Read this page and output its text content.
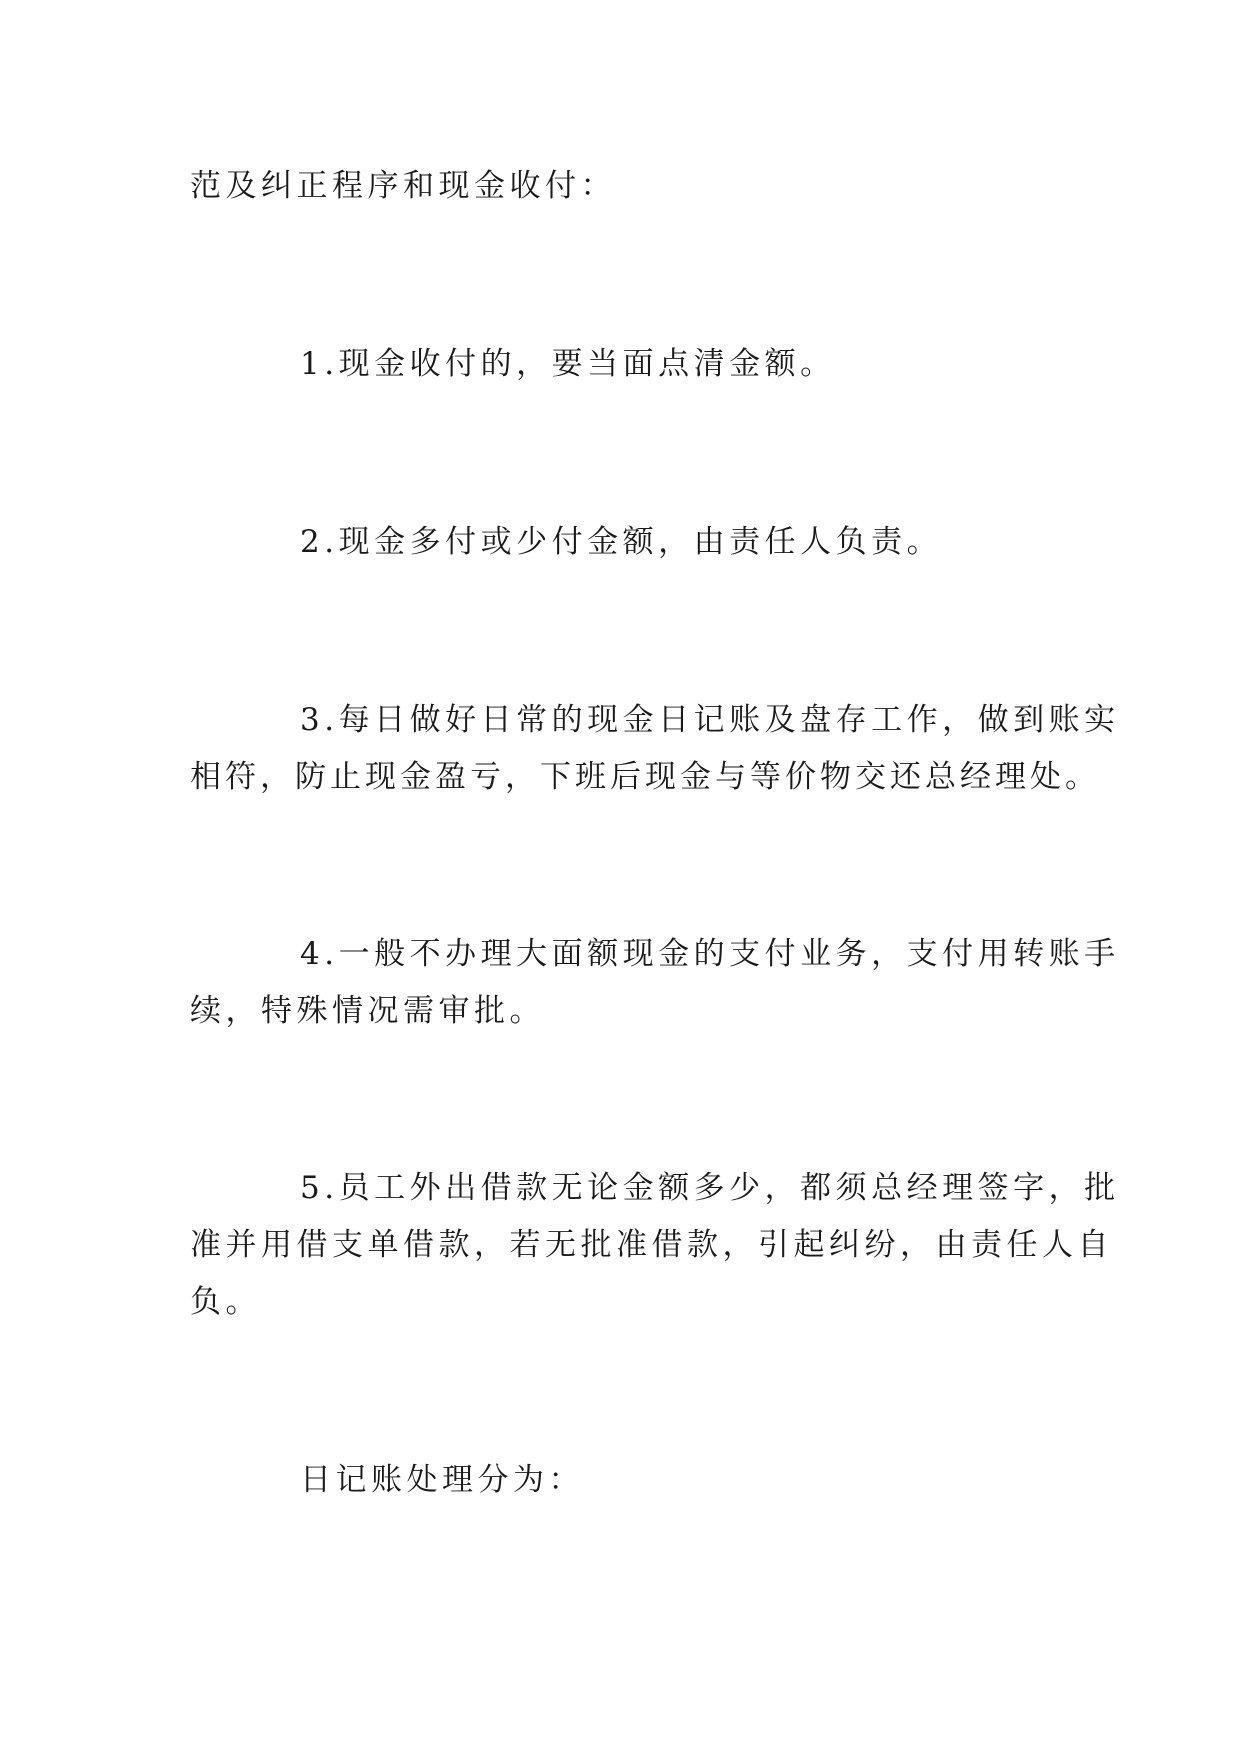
范及纠正程序和现金收付：
1.现金收付的，要当面点清金额。
2.现金多付或少付金额，由责任人负责。
3.每日做好日常的现金日记账及盘存工作，做到账实
相符，防止现金盈亏，下班后现金与等价物交还总经理处。
4.一般不办理大面额现金的支付业务，支付用转账手
续，特殊情况需审批。
5.员工外出借款无论金额多少，都须总经理签字，批
准并用借支单借款，若无批准借款，引起纠纷，由责任人自
负。
日记账处理分为：
